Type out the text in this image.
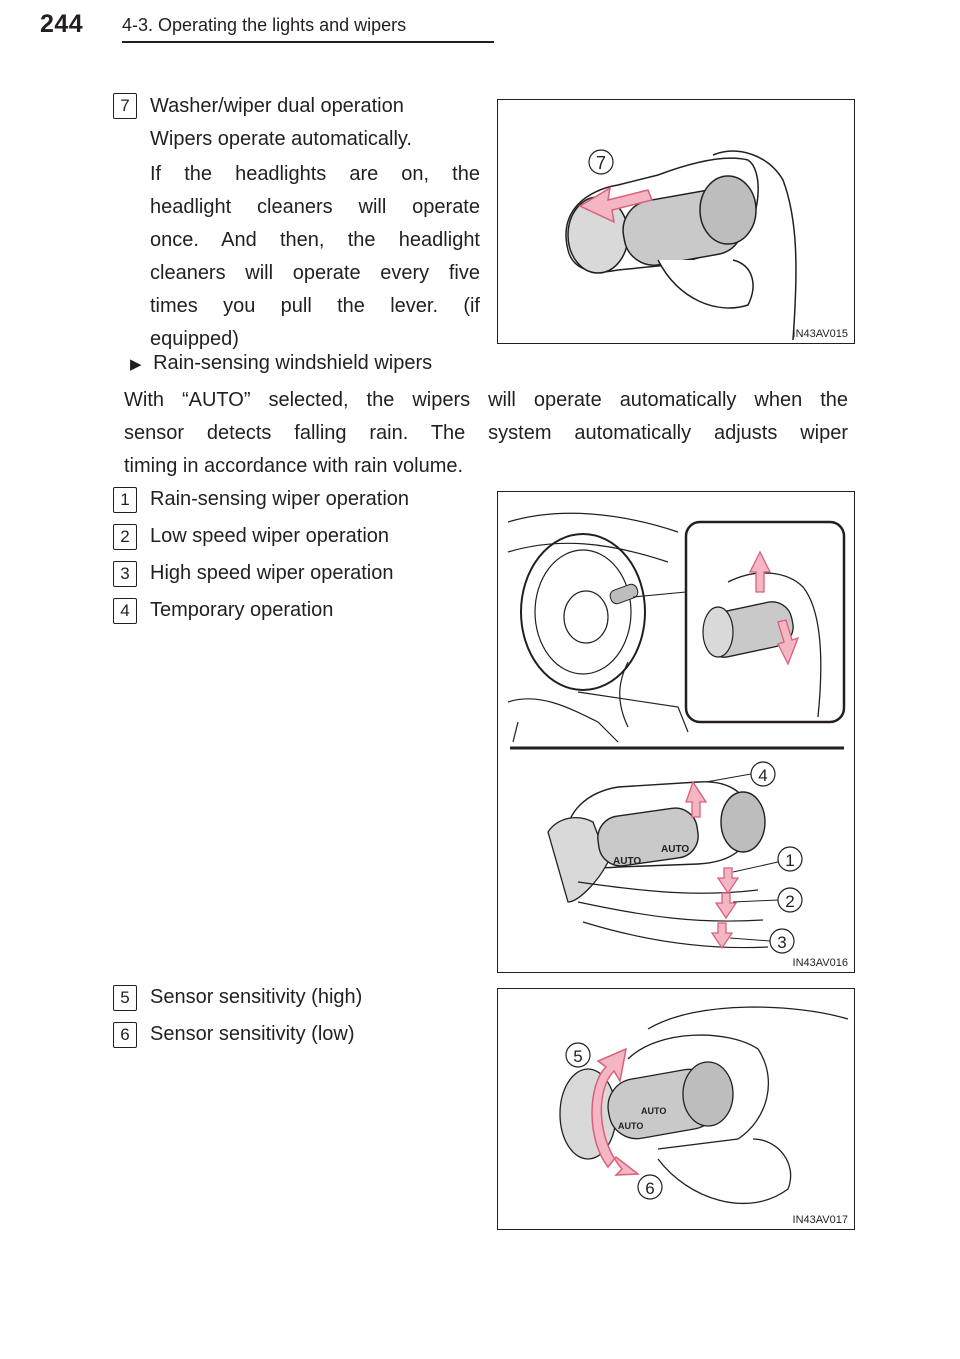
244 4-3. Operating the lights and wipers
7	Washer/wiper dual operation
Wipers operate automatically.
If the headlights are on, the
headlight cleaners will operate
once. And then, the headlight
cleaners will operate every five
times you pull the lever. (if
equipped)
7
IN43AV015
▶ Rain-sensing windshield wipers
With “AUTO” selected, the wipers will operate automatically when the
sensor detects falling rain. The system automatically adjusts wiper
timing in accordance with rain volume.
1	Rain-sensing wiper operation
2	Low speed wiper operation
3	High speed wiper operation
4	Temporary operation
AUTO
AUTO
4
1
2
3
IN43AV016
5	Sensor sensitivity (high)
6	Sensor sensitivity (low)
AUTO
AUTO
5
6
IN43AV017
